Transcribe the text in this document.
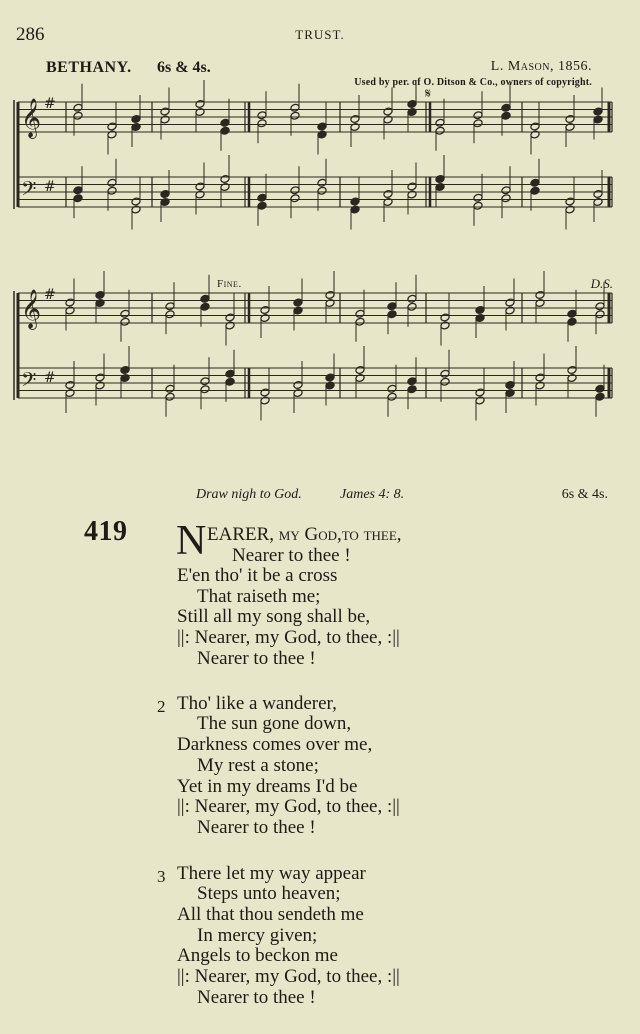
286	TRUST.
BETHANY. 6s & 4s.	L. Mason, 1856.
Used by per. of O. Ditson & Co., owners of copyright.
𝄞 #
𝄢 #
𝄞 #
𝄢 #
𝄋
Fine.	D.S.
Draw nigh to God.	James 4: 8.	6s & 4s.
419 N EARER, my God,to thee,
Nearer to thee !
E'en tho' it be a cross
That raiseth me;
Still all my song shall be,
||: Nearer, my God, to thee, :||
Nearer to thee !
2 Tho' like a wanderer,
The sun gone down,
Darkness comes over me,
My rest a stone;
Yet in my dreams I'd be
||: Nearer, my God, to thee, :||
Nearer to thee !
3 There let my way appear
Steps unto heaven;
All that thou sendeth me
In mercy given;
Angels to beckon me
||: Nearer, my God, to thee, :||
Nearer to thee !
